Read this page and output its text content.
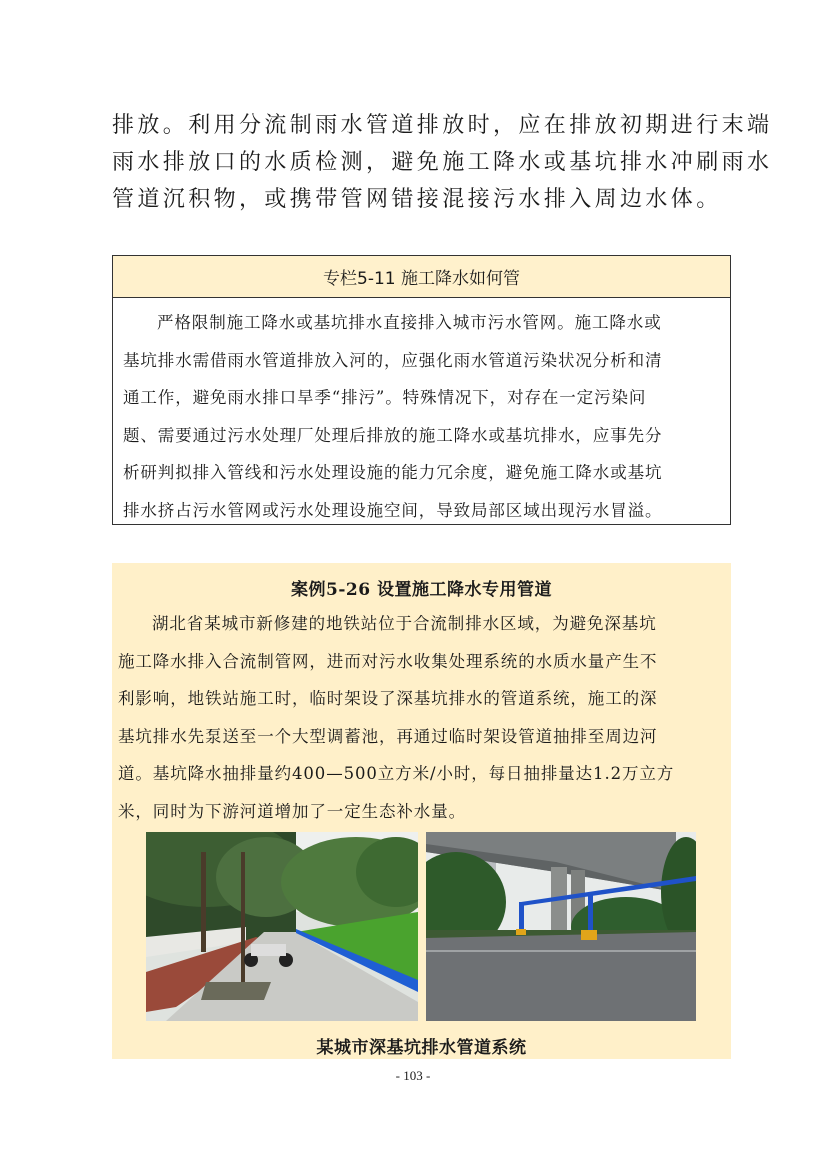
排放。利用分流制雨水管道排放时，应在排放初期进行末端
雨水排放口的水质检测，避免施工降水或基坑排水冲刷雨水
管道沉积物，或携带管网错接混接污水排入周边水体。
专栏5-11 施工降水如何管
严格限制施工降水或基坑排水直接排入城市污水管网。施工降水或
基坑排水需借雨水管道排放入河的，应强化雨水管道污染状况分析和清
通工作，避免雨水排口旱季“排污”。特殊情况下，对存在一定污染问
题、需要通过污水处理厂处理后排放的施工降水或基坑排水，应事先分
析研判拟排入管线和污水处理设施的能力冗余度，避免施工降水或基坑
排水挤占污水管网或污水处理设施空间，导致局部区域出现污水冒溢。
案例5-26 设置施工降水专用管道
湖北省某城市新修建的地铁站位于合流制排水区域，为避免深基坑
施工降水排入合流制管网，进而对污水收集处理系统的水质水量产生不
利影响，地铁站施工时，临时架设了深基坑排水的管道系统，施工的深
基坑排水先泵送至一个大型调蓄池，再通过临时架设管道抽排至周边河
道。基坑降水抽排量约400—500立方米/小时，每日抽排量达1.2万立方
米，同时为下游河道增加了一定生态补水量。
某城市深基坑排水管道系统
- 103 -
